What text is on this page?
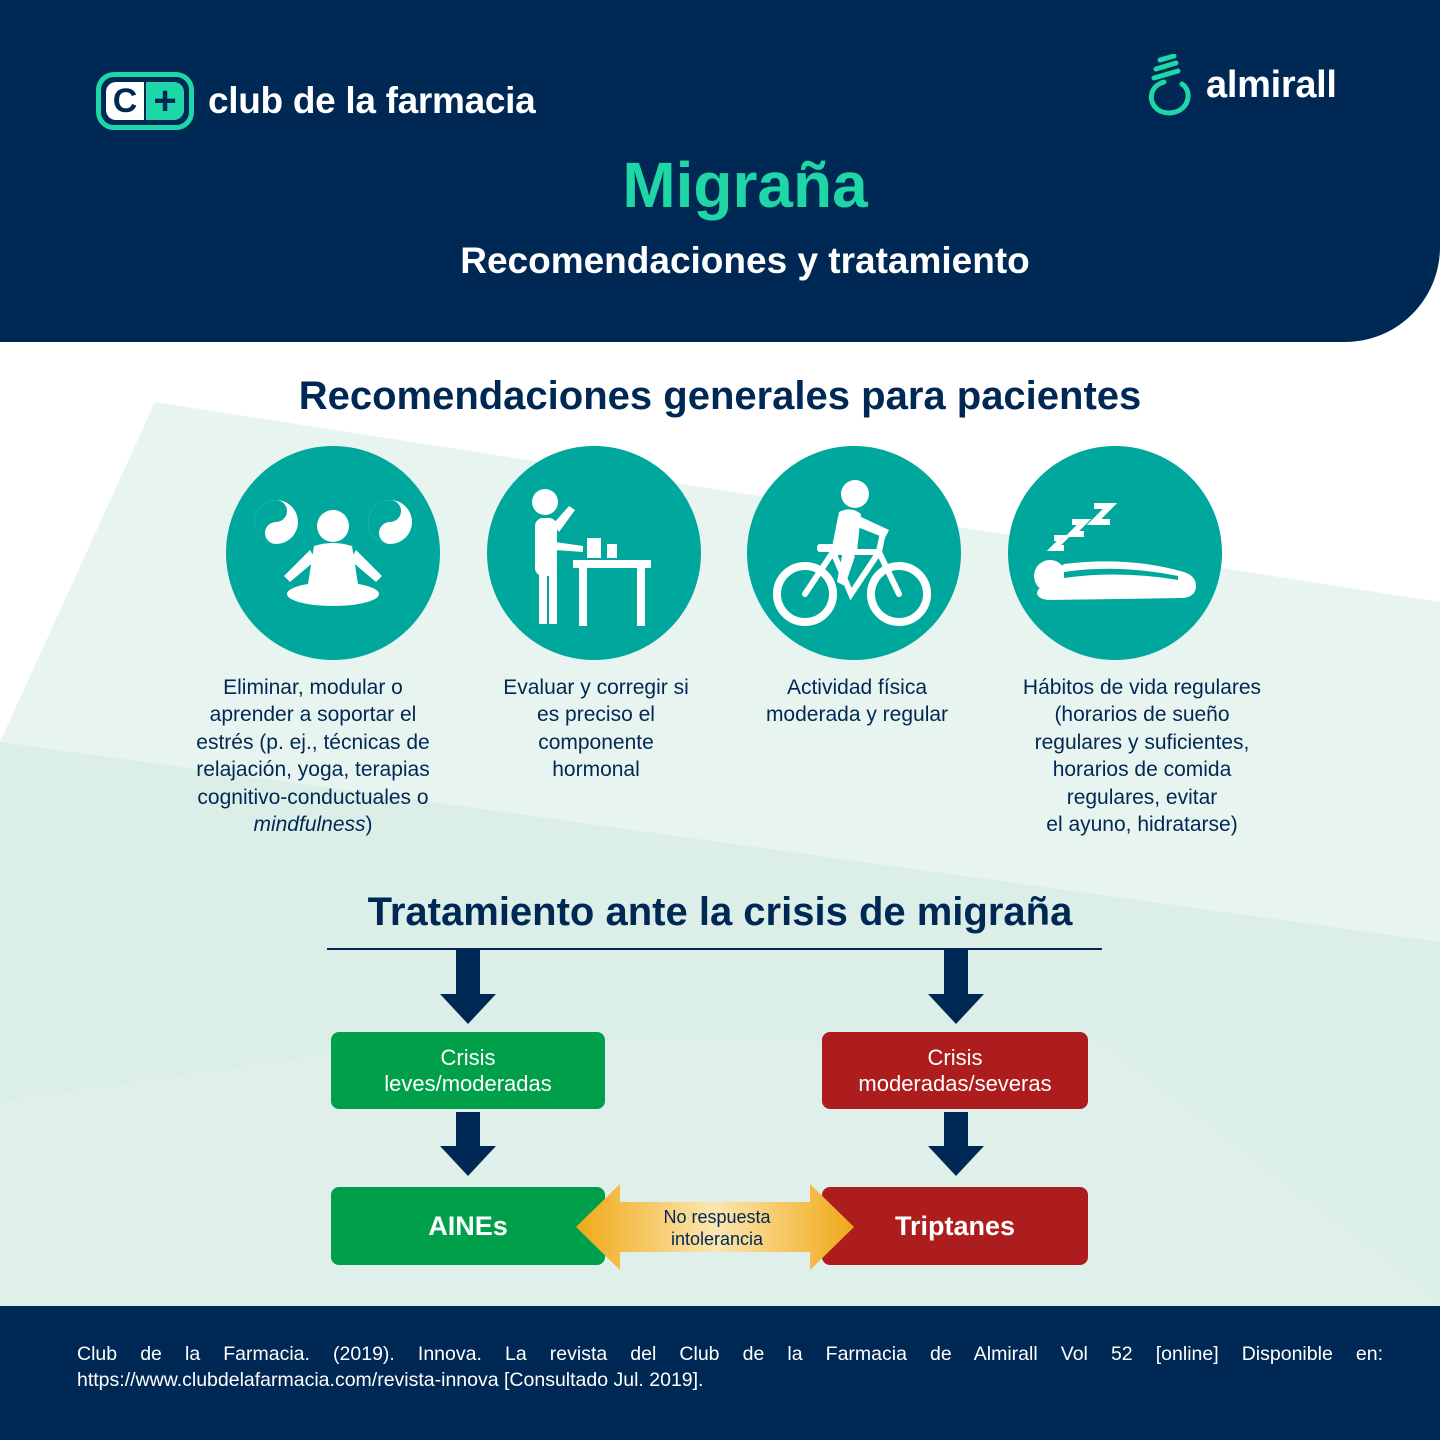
C + club de la farmacia	almirall
Migraña
Recomendaciones y tratamiento
Recomendaciones generales para pacientes
Eliminar, modular o
aprender a soportar el
estrés (p. ej., técnicas de
relajación, yoga, terapias
cognitivo-conductuales o
mindfulness)
Evaluar y corregir si
es preciso el
componente
hormonal
Actividad física
moderada y regular
Hábitos de vida regulares
(horarios de sueño
regulares y suficientes,
horarios de comida
regulares, evitar
el ayuno, hidratarse)
Tratamiento ante la crisis de migraña
Crisis
leves/moderadas
Crisis
moderadas/severas
AINEs	Triptanes
No respuesta
intolerancia
Club de la Farmacia. (2019). Innova. La revista del Club de la Farmacia de Almirall Vol 52 [online] Disponible en: https://www.clubdelafarmacia.com/revista-innova [Consultado Jul. 2019].
